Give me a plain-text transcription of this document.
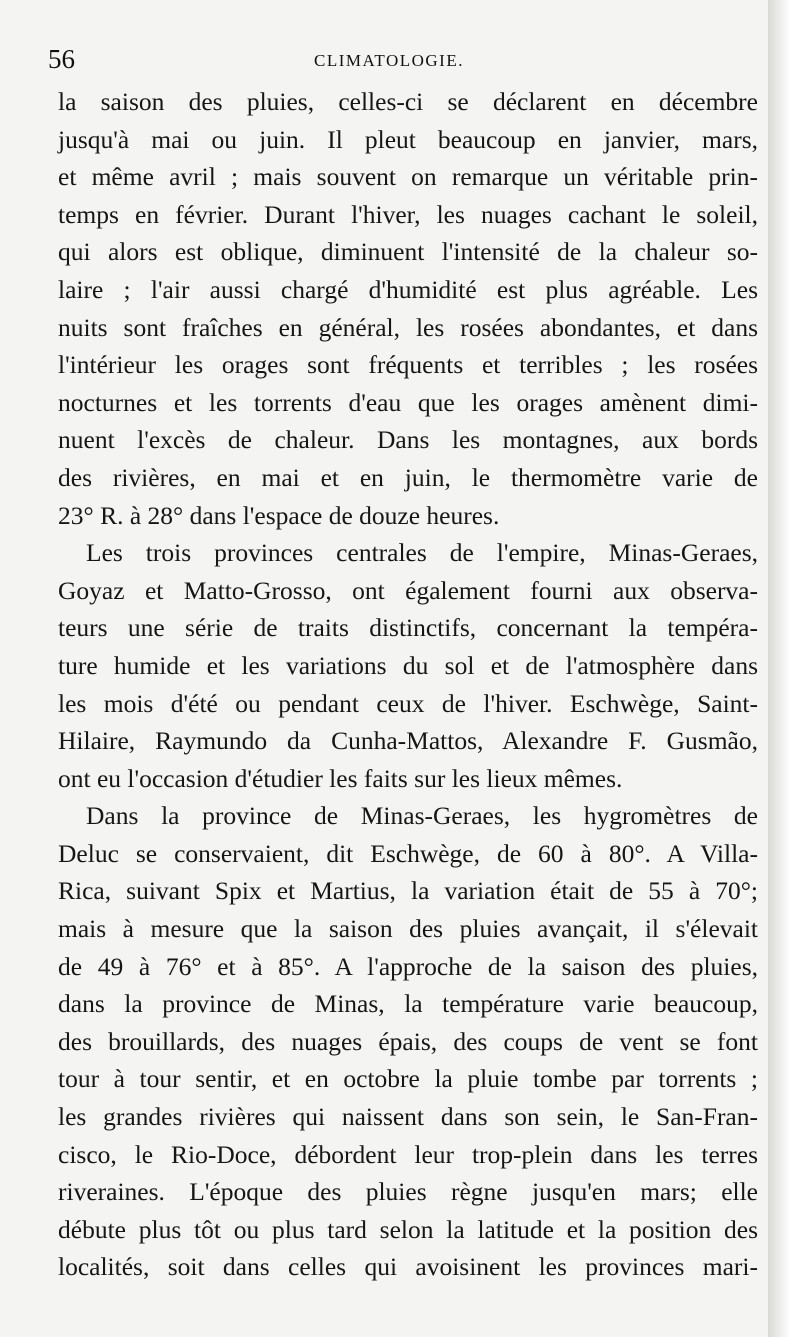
56	CLIMATOLOGIE.
la saison des pluies, celles-ci se déclarent en décembre
jusqu'à mai ou juin. Il pleut beaucoup en janvier, mars,
et même avril ; mais souvent on remarque un véritable prin-
temps en février. Durant l'hiver, les nuages cachant le soleil,
qui alors est oblique, diminuent l'intensité de la chaleur so-
laire ; l'air aussi chargé d'humidité est plus agréable. Les
nuits sont fraîches en général, les rosées abondantes, et dans
l'intérieur les orages sont fréquents et terribles ; les rosées
nocturnes et les torrents d'eau que les orages amènent dimi-
nuent l'excès de chaleur. Dans les montagnes, aux bords
des rivières, en mai et en juin, le thermomètre varie de
23° R. à 28° dans l'espace de douze heures.
Les trois provinces centrales de l'empire, Minas-Geraes,
Goyaz et Matto-Grosso, ont également fourni aux observa-
teurs une série de traits distinctifs, concernant la tempéra-
ture humide et les variations du sol et de l'atmosphère dans
les mois d'été ou pendant ceux de l'hiver. Eschwège, Saint-
Hilaire, Raymundo da Cunha-Mattos, Alexandre F. Gusmão,
ont eu l'occasion d'étudier les faits sur les lieux mêmes.
Dans la province de Minas-Geraes, les hygromètres de
Deluc se conservaient, dit Eschwège, de 60 à 80°. A Villa-
Rica, suivant Spix et Martius, la variation était de 55 à 70°;
mais à mesure que la saison des pluies avançait, il s'élevait
de 49 à 76° et à 85°. A l'approche de la saison des pluies,
dans la province de Minas, la température varie beaucoup,
des brouillards, des nuages épais, des coups de vent se font
tour à tour sentir, et en octobre la pluie tombe par torrents ;
les grandes rivières qui naissent dans son sein, le San-Fran-
cisco, le Rio-Doce, débordent leur trop-plein dans les terres
riveraines. L'époque des pluies règne jusqu'en mars; elle
débute plus tôt ou plus tard selon la latitude et la position des
localités, soit dans celles qui avoisinent les provinces mari-
